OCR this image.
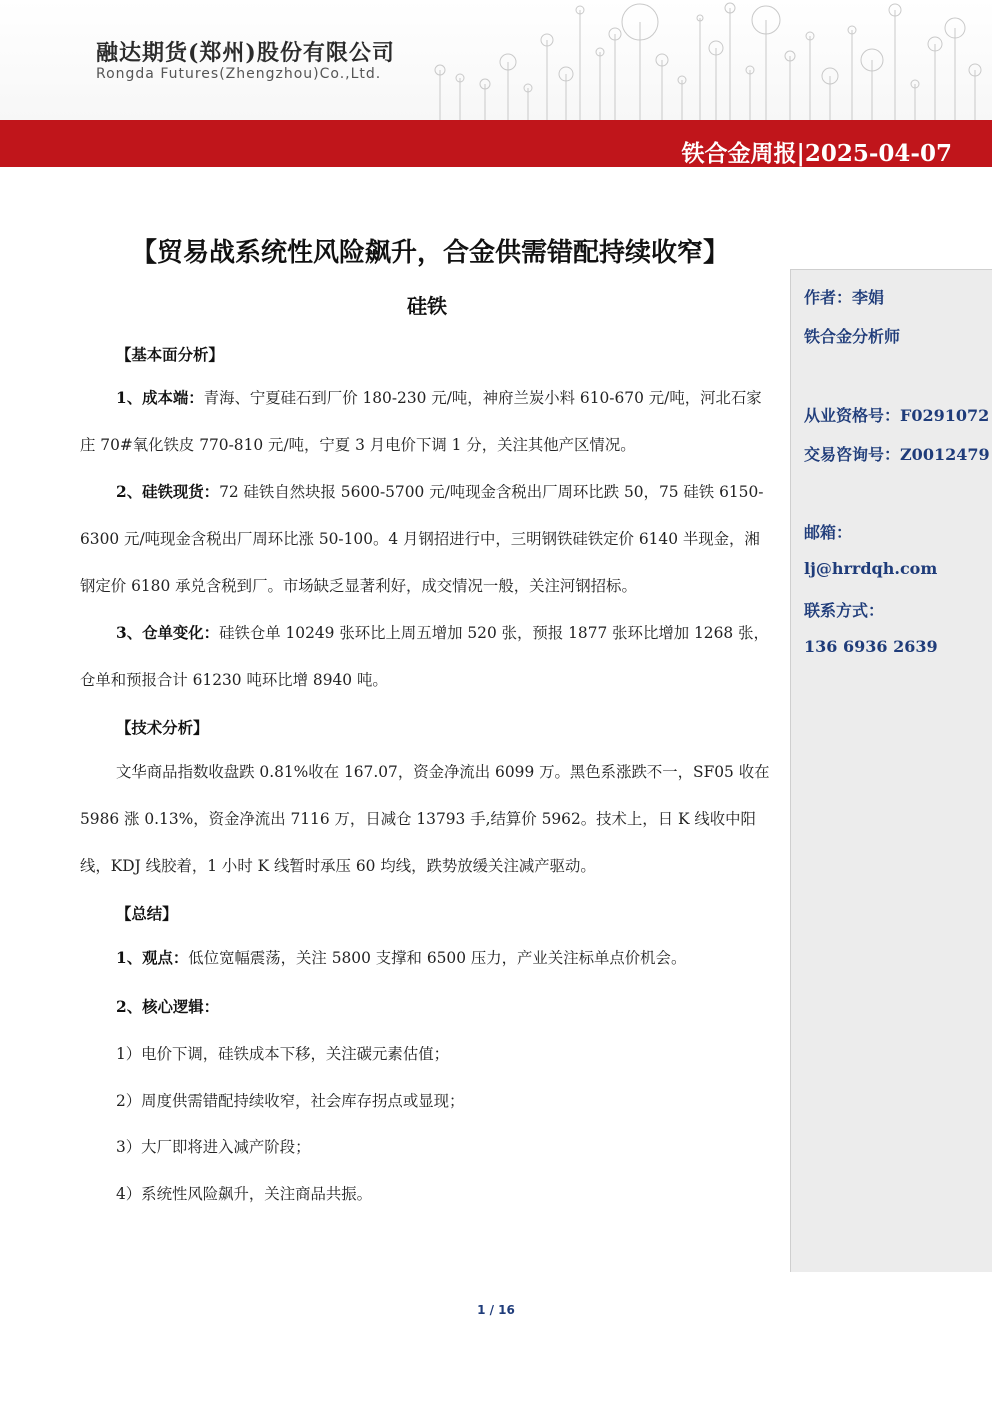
融达期货(郑州)股份有限公司
Rongda Futures(Zhengzhou)Co.,Ltd.
铁合金周报|2025-04-07
【贸易战系统性风险飙升，合金供需错配持续收窄】
硅铁	作者：李娟
铁合金分析师
从业资格号：F0291072
交易咨询号：Z0012479
邮箱：
lj@hrrdqh.com
联系方式：
136 6936 2639
【基本面分析】
1、成本端：青海、宁夏硅石到厂价 180-230 元/吨，神府兰炭小料 610-670 元/吨，河北石家庄 70#氧化铁皮 770-810 元/吨，宁夏 3 月电价下调 1 分，关注其他产区情况。
2、硅铁现货：72 硅铁自然块报 5600-5700 元/吨现金含税出厂周环比跌 50，75 硅铁 6150-6300 元/吨现金含税出厂周环比涨 50-100。4 月钢招进行中，三明钢铁硅铁定价 6140 半现金，湘钢定价 6180 承兑含税到厂。市场缺乏显著利好，成交情况一般，关注河钢招标。
3、仓单变化：硅铁仓单 10249 张环比上周五增加 520 张，预报 1877 张环比增加 1268 张，仓单和预报合计 61230 吨环比增 8940 吨。
【技术分析】
文华商品指数收盘跌 0.81%收在 167.07，资金净流出 6099 万。黑色系涨跌不一，SF05 收在 5986 涨 0.13%，资金净流出 7116 万，日减仓 13793 手,结算价 5962。技术上，日 K 线收中阳线，KDJ 线胶着，1 小时 K 线暂时承压 60 均线，跌势放缓关注减产驱动。
【总结】
1、观点：低位宽幅震荡，关注 5800 支撑和 6500 压力，产业关注标单点价机会。
2、核心逻辑：
1）电价下调，硅铁成本下移，关注碳元素估值；
2）周度供需错配持续收窄，社会库存拐点或显现；
3）大厂即将进入减产阶段；
4）系统性风险飙升，关注商品共振。
1 / 16
